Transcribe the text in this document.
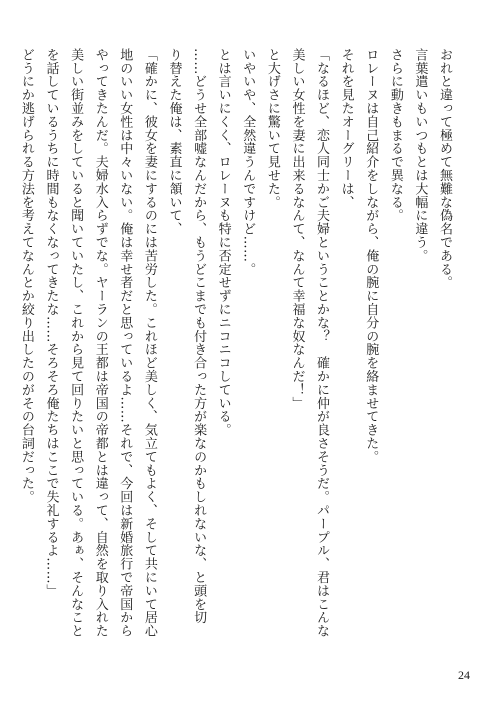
おれと違って極めて無難な偽名である。
言葉遣いもいつもとは大幅に違う。
さらに動きもまるで異なる。
ロレーヌは自己紹介をしながら、俺の腕に自分の腕を絡ませてきた。
それを見たオーグリーは、
「なるほど、恋人同士かご夫婦ということかな？　確かに仲が良さそうだ。パープル、君はこんな
美しい女性を妻に出来るなんて、なんて幸福な奴なんだ！」
と大げさに驚いて見せた。
いやいや、全然違うんですけど……。
とは言いにくく、ロレーヌも特に否定せずにニコニコしている。
……どうせ全部嘘なんだから、もうどこまでも付き合った方が楽なのかもしれないな、と頭を切
り替えた俺は、素直に頷いて、
「確かに、彼女を妻にするのには苦労した。これほど美しく、気立てもよく、そして共にいて居心
地のいい女性は中々いない。俺は幸せ者だと思っているよ……それで、今回は新婚旅行で帝国から
やってきたんだ。夫婦水入らずでな。ヤーランの王都は帝国の帝都とは違って、自然を取り入れた
美しい街並みをしていると聞いていたし、これから見て回りたいと思っている。あぁ、そんなこと
を話しているうちに時間もなくなってきたな……そろそろ俺たちはここで失礼するよ……」
どうにか逃げられる方法を考えてなんとか絞り出したのがその台詞だった。
24
